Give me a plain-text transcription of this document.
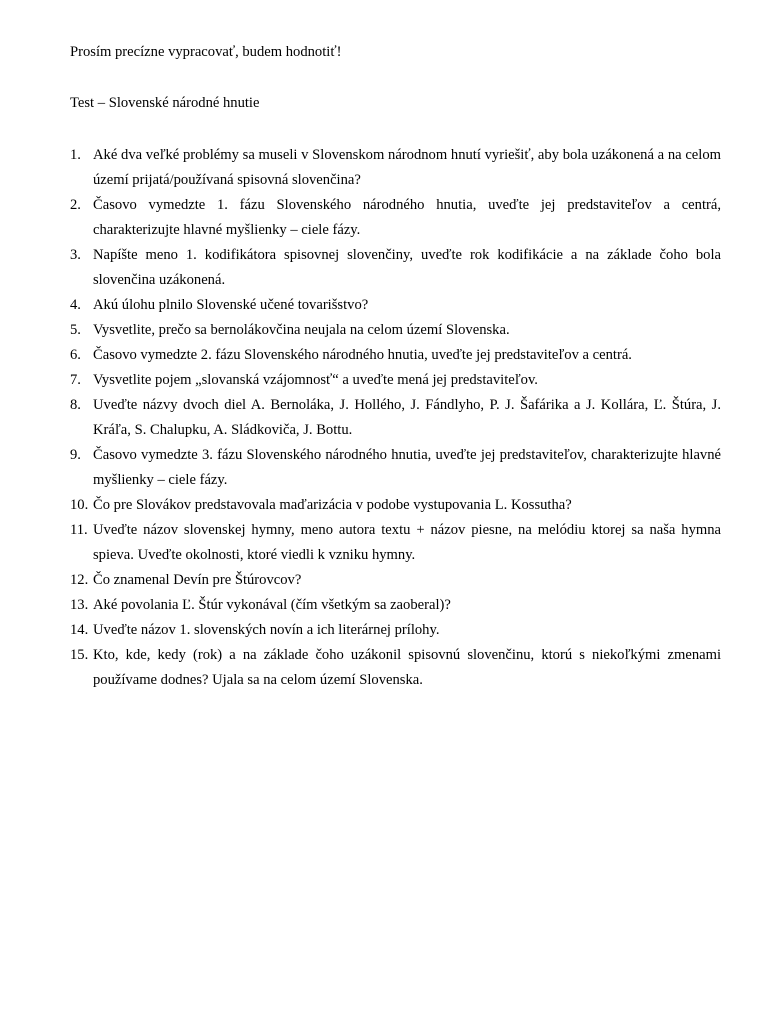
Prosím precízne vypracovať, budem hodnotiť!
Test – Slovenské národné hnutie
1. Aké dva veľké problémy sa museli v Slovenskom národnom hnutí vyriešiť, aby bola uzákonená a na celom území prijatá/používaná spisovná slovenčina?
2. Časovo vymedzte 1. fázu Slovenského národného hnutia, uveďte jej predstaviteľov a centrá, charakterizujte hlavné myšlienky – ciele fázy.
3. Napíšte meno 1. kodifikátora spisovnej slovenčiny, uveďte rok kodifikácie a na základe čoho bola slovenčina uzákonená.
4. Akú úlohu plnilo Slovenské učené tovarišstvo?
5. Vysvetlite, prečo sa bernolákovčina neujala na celom území Slovenska.
6. Časovo vymedzte 2. fázu Slovenského národného hnutia, uveďte jej predstaviteľov a centrá.
7. Vysvetlite pojem „slovanská vzájomnosť“ a uveďte mená jej predstaviteľov.
8. Uveďte názvy dvoch diel A. Bernoláka, J. Hollého, J. Fándlyho, P. J. Šafárika a J. Kollára, Ľ. Štúra, J. Kráľa, S. Chalupku, A. Sládkoviča, J. Bottu.
9. Časovo vymedzte 3. fázu Slovenského národného hnutia, uveďte jej predstaviteľov, charakterizujte hlavné myšlienky – ciele fázy.
10. Čo pre Slovákov predstavovala maďarizácia v podobe vystupovania L. Kossutha?
11. Uveďte názov slovenskej hymny, meno autora textu + názov piesne, na melódiu ktorej sa naša hymna spieva. Uveďte okolnosti, ktoré viedli k vzniku hymny.
12. Čo znamenal Devín pre Štúrovcov?
13. Aké povolania Ľ. Štúr vykonával (čím všetkým sa zaoberal)?
14. Uveďte názov 1. slovenských novín a ich literárnej prílohy.
15. Kto, kde, kedy (rok) a na základe čoho uzákonil spisovnú slovenčinu, ktorú s niekoľkými zmenami používame dodnes? Ujala sa na celom území Slovenska.
